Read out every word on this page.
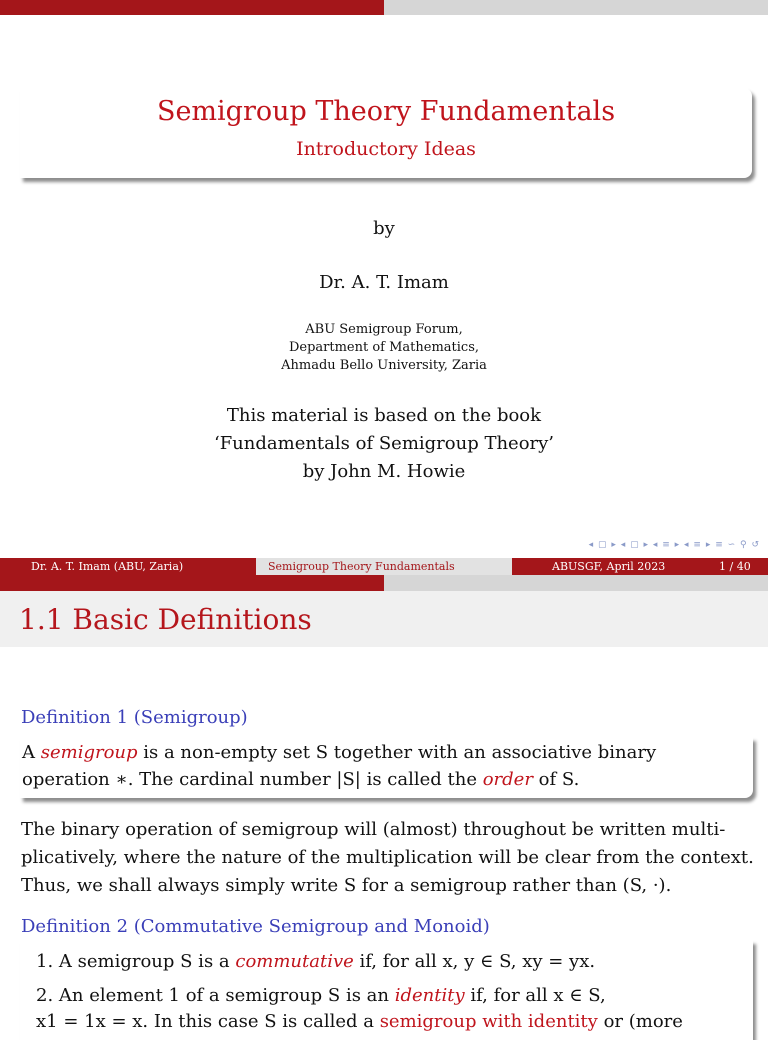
Semigroup Theory Fundamentals
Introductory Ideas
by
Dr. A. T. Imam
ABU Semigroup Forum,
Department of Mathematics,
Ahmadu Bello University, Zaria
This material is based on the book
‘Fundamentals of Semigroup Theory’
by John M. Howie
◂ ▢ ▸ ◂ ▢ ▸ ◂ ≡ ▸ ◂ ≡ ▸ ≡ ∽ ⚲ ↺
Dr. A. T. Imam (ABU, Zaria)	Semigroup Theory Fundamentals	ABUSGF, April 2023	1 / 40
1.1 Basic Definitions
Definition 1 (Semigroup)

A semigroup is a non-empty set S together with an associative binary
operation ∗. The cardinal number |S| is called the order of S.

The binary operation of semigroup will (almost) throughout be written multi-
plicatively, where the nature of the multiplication will be clear from the context.
Thus, we shall always simply write S for a semigroup rather than (S, ·).
Definition 2 (Commutative Semigroup and Monoid)
1. A semigroup S is a commutative if, for all x, y ∈ S, xy = yx.
2. An element 1 of a semigroup S is an identity if, for all x ∈ S,
x1 = 1x = x. In this case S is called a semigroup with identity or (more
